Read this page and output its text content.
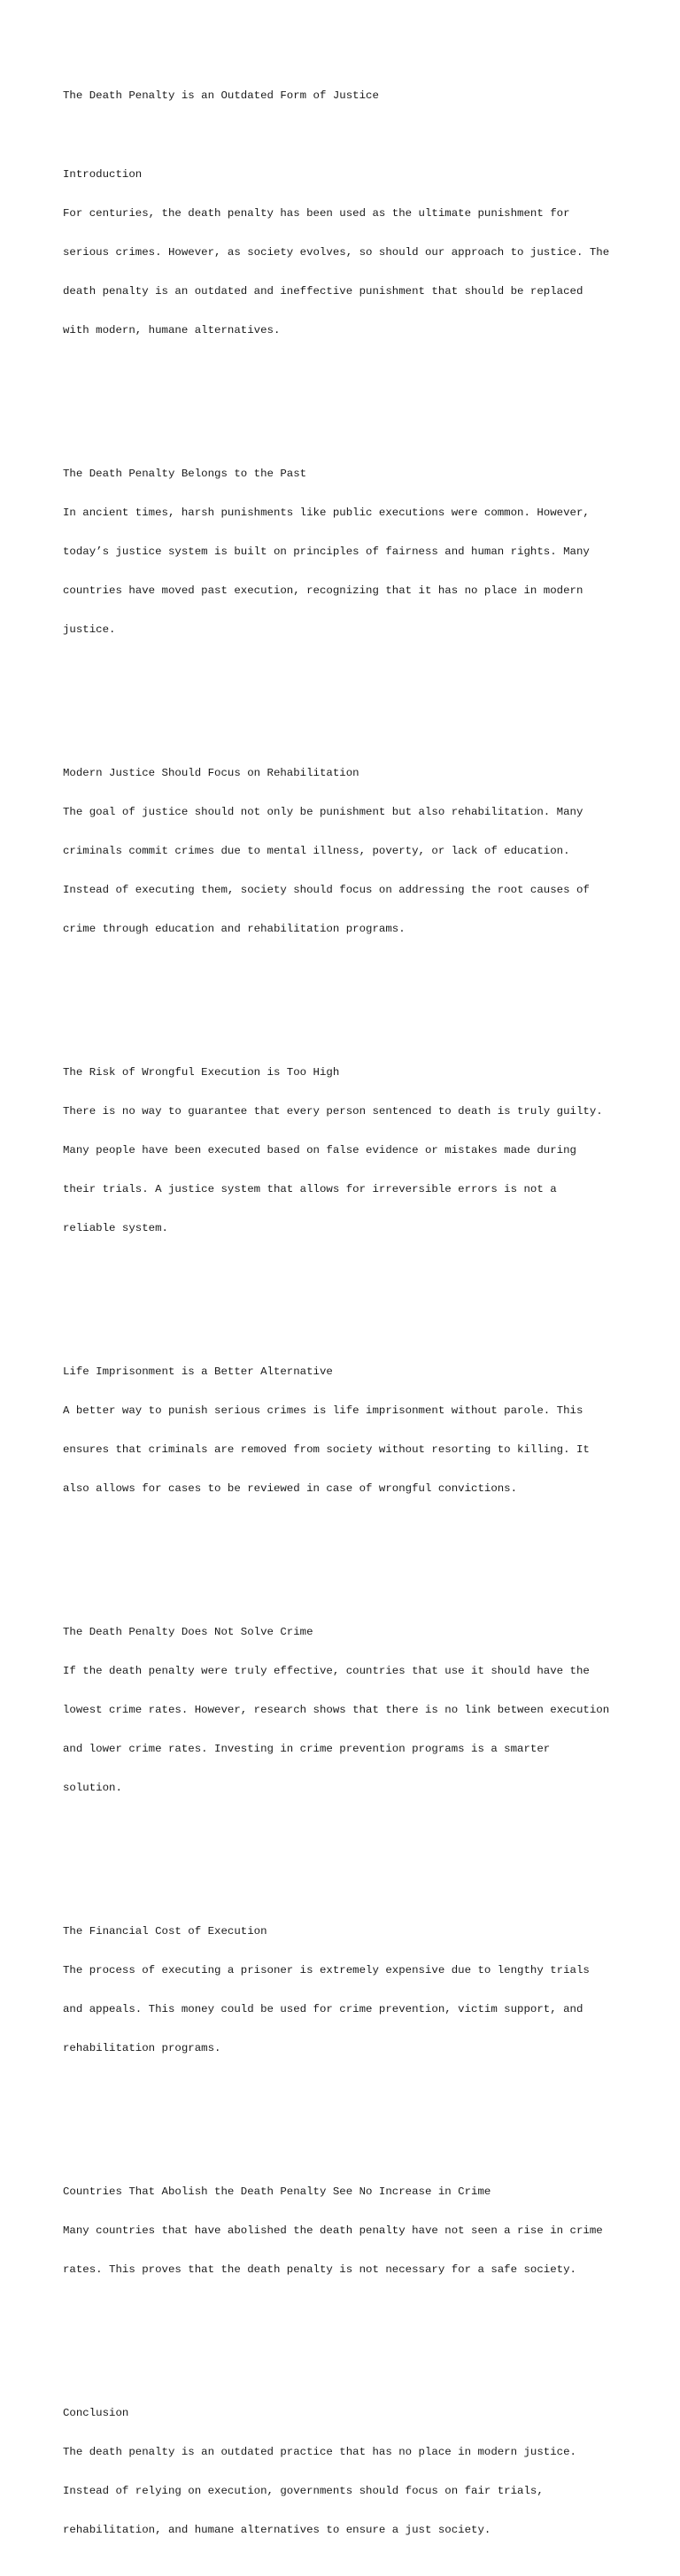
The Death Penalty is an Outdated Form of Justice

Introduction

For centuries, the death penalty has been used as the ultimate punishment for

serious crimes. However, as society evolves, so should our approach to justice. The

death penalty is an outdated and ineffective punishment that should be replaced

with modern, humane alternatives.

The Death Penalty Belongs to the Past

In ancient times, harsh punishments like public executions were common. However,

today’s justice system is built on principles of fairness and human rights. Many

countries have moved past execution, recognizing that it has no place in modern

justice.

Modern Justice Should Focus on Rehabilitation

The goal of justice should not only be punishment but also rehabilitation. Many

criminals commit crimes due to mental illness, poverty, or lack of education.

Instead of executing them, society should focus on addressing the root causes of

crime through education and rehabilitation programs.

The Risk of Wrongful Execution is Too High

There is no way to guarantee that every person sentenced to death is truly guilty.

Many people have been executed based on false evidence or mistakes made during

their trials. A justice system that allows for irreversible errors is not a

reliable system.

Life Imprisonment is a Better Alternative

A better way to punish serious crimes is life imprisonment without parole. This

ensures that criminals are removed from society without resorting to killing. It

also allows for cases to be reviewed in case of wrongful convictions.

The Death Penalty Does Not Solve Crime

If the death penalty were truly effective, countries that use it should have the

lowest crime rates. However, research shows that there is no link between execution

and lower crime rates. Investing in crime prevention programs is a smarter

solution.

The Financial Cost of Execution

The process of executing a prisoner is extremely expensive due to lengthy trials

and appeals. This money could be used for crime prevention, victim support, and

rehabilitation programs.

Countries That Abolish the Death Penalty See No Increase in Crime

Many countries that have abolished the death penalty have not seen a rise in crime

rates. This proves that the death penalty is not necessary for a safe society.

Conclusion

The death penalty is an outdated practice that has no place in modern justice.

Instead of relying on execution, governments should focus on fair trials,

rehabilitation, and humane alternatives to ensure a just society.
